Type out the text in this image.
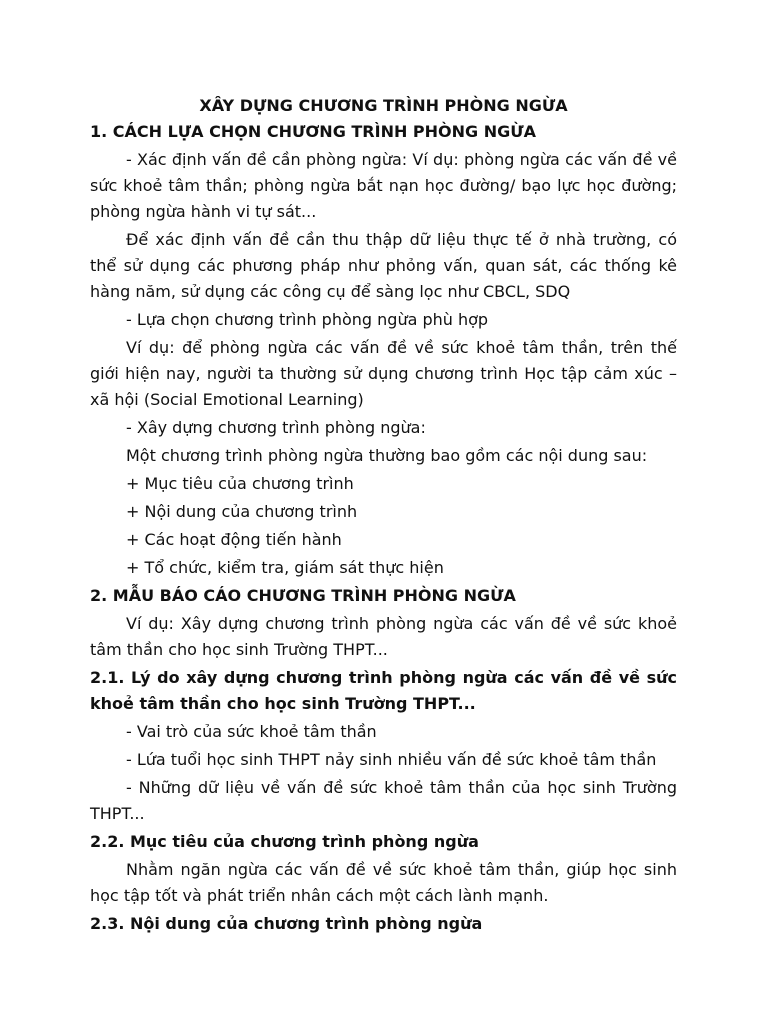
XÂY DỰNG CHƯƠNG TRÌNH PHÒNG NGỪA

1. CÁCH LỰA CHỌN CHƯƠNG TRÌNH PHÒNG NGỪA

- Xác định vấn đề cần phòng ngừa: Ví dụ: phòng ngừa các vấn đề về sức khoẻ tâm thần; phòng ngừa bắt nạn học đường/ bạo lực học đường; phòng ngừa hành vi tự sát...

Để xác định vấn đề cần thu thập dữ liệu thực tế ở nhà trường, có thể sử dụng các phương pháp như phỏng vấn, quan sát, các thống kê hàng năm, sử dụng các công cụ để sàng lọc như CBCL, SDQ

- Lựa chọn chương trình phòng ngừa phù hợp

Ví dụ: để phòng ngừa các vấn đề về sức khoẻ tâm thần, trên thế giới hiện nay, người ta thường sử dụng chương trình Học tập cảm xúc – xã hội (Social Emotional Learning)

- Xây dựng chương trình phòng ngừa:

Một chương trình phòng ngừa thường bao gồm các nội dung sau:

+ Mục tiêu của chương trình

+ Nội dung của chương trình

+ Các hoạt động tiến hành

+ Tổ chức, kiểm tra, giám sát thực hiện

2. MẪU BÁO CÁO CHƯƠNG TRÌNH PHÒNG NGỪA

Ví dụ: Xây dựng chương trình phòng ngừa các vấn đề về sức khoẻ tâm thần cho học sinh Trường THPT...

2.1. Lý do xây dựng chương trình phòng ngừa các vấn đề về sức khoẻ tâm thần cho học sinh Trường THPT...

- Vai trò của sức khoẻ tâm thần

- Lứa tuổi học sinh THPT nảy sinh nhiều vấn đề sức khoẻ tâm thần

- Những dữ liệu về vấn đề sức khoẻ tâm thần của học sinh Trường THPT...

2.2. Mục tiêu của chương trình phòng ngừa

Nhằm ngăn ngừa các vấn đề về sức khoẻ tâm thần, giúp học sinh học tập tốt và phát triển nhân cách một cách lành mạnh.

2.3. Nội dung của chương trình phòng ngừa
